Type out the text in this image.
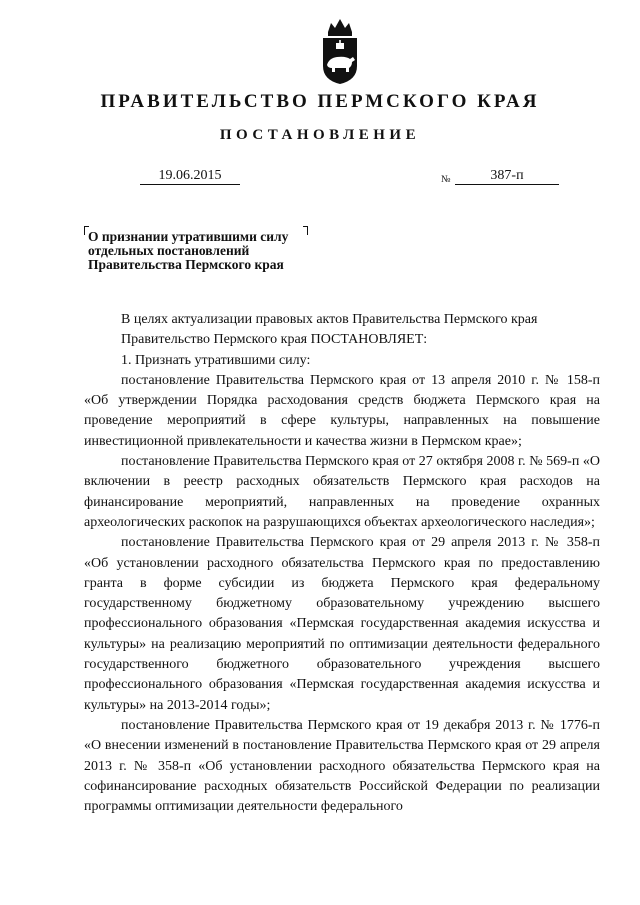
ПРАВИТЕЛЬСТВО ПЕРМСКОГО КРАЯ
ПОСТАНОВЛЕНИЕ
19.06.2015	№	387-п
О признании утратившими силу
отдельных постановлений
Правительства Пермского края

В целях актуализации правовых актов Правительства Пермского края

Правительство Пермского края ПОСТАНОВЛЯЕТ:

1. Признать утратившими силу:

постановление Правительства Пермского края от 13 апреля 2010 г. № 158-п «Об утверждении Порядка расходования средств бюджета Пермского края на проведение мероприятий в сфере культуры, направленных на повышение инвестиционной привлекательности и качества жизни в Пермском крае»;

постановление Правительства Пермского края от 27 октября 2008 г. № 569-п «О включении в реестр расходных обязательств Пермского края расходов на финансирование мероприятий, направленных на проведение охранных археологических раскопок на разрушающихся объектах археологического наследия»;

постановление Правительства Пермского края от 29 апреля 2013 г. № 358-п «Об установлении расходного обязательства Пермского края по предоставлению гранта в форме субсидии из бюджета Пермского края федеральному государственному бюджетному образовательному учреждению высшего профессионального образования «Пермская государственная академия искусства и культуры» на реализацию мероприятий по оптимизации деятельности федерального государственного бюджетного образовательного учреждения высшего профессионального образования «Пермская государственная академия искусства и культуры» на 2013-2014 годы»;

постановление Правительства Пермского края от 19 декабря 2013 г. № 1776-п «О внесении изменений в постановление Правительства Пермского края от 29 апреля 2013 г. № 358-п «Об установлении расходного обязательства Пермского края на софинансирование расходных обязательств Российской Федерации по реализации программы оптимизации деятельности федерального
